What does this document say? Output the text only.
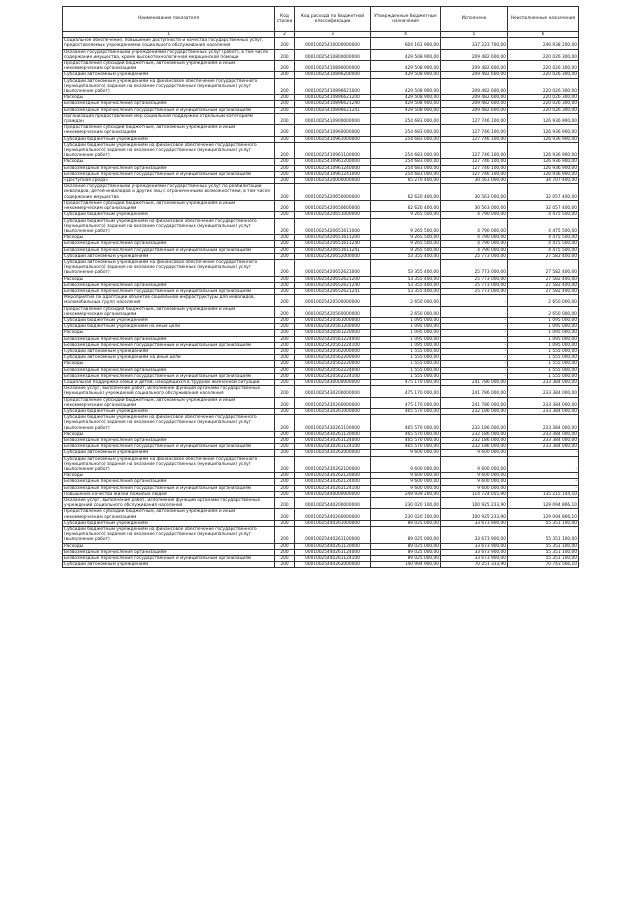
Наименование показателя	Код строки	Код расхода по бюджетной классификации	Утвержденные бюджетные назначения	Исполнено	Неисполненные назначения
1	2	3	4	5	6
Социальное обеспечение, повышение доступности и качества государственных услуг, предоставляемых учреждениями социального обслуживания населения	200	00010025410000000000	604 161 900,00	337 223 700,00	246 938 200,00
Оказание государственными учреждениями государственных услуг (работ), в том числе содержание имущества, кроме высокотехнологичной медицинской помощи	200	00010025410800000000	429 508 900,00	209 482 600,00	220 026 300,00
Предоставление субсидий бюджетным, автономным учреждениям и иным некоммерческим организациям	200	00010025410890000000	429 508 900,00	209 482 600,00	220 026 300,00
Субсидии автономным учреждениям	200	00010025410896200000	429 508 900,00	209 482 600,00	220 026 300,00
Субсидии автономным учреждениям на финансовое обеспечение государственного (муниципального) задания на оказание государственных (муниципальных) услуг (выполнение работ)	200	00010025410896621000	429 508 900,00	209 482 600,00	220 026 300,00
Расходы	200	00010025410896621200	429 508 900,00	209 482 600,00	220 026 300,00
Безвозмездные перечисления организациям	200	00010025410896621240	429 508 900,00	209 482 600,00	220 026 300,00
Безвозмездные перечисления государственным и муниципальным организациям	200	00010025410896621241	429 508 900,00	209 482 600,00	220 026 300,00
Организация предоставления мер социальной поддержки отдельным категориям граждан	200	00010025410900000000	254 683 000,00	127 746 100,00	126 936 900,00
Предоставление субсидий бюджетным, автономным учреждениям и иным некоммерческим организациям	200	00010025410960000000	254 683 000,00	127 746 100,00	126 936 900,00
Субсидии бюджетным учреждениям	200	00010025410961000000	254 683 000,00	127 746 100,00	126 936 900,00
Субсидии бюджетным учреждениям на финансовое обеспечение государственного (муниципального) задания на оказание государственных (муниципальных) услуг (выполнение работ)	200	00010025410961100000	254 683 000,00	127 746 100,00	126 936 900,00
Расходы	200	00010025410961200000	254 683 000,00	127 746 100,00	126 936 900,00
Безвозмездные перечисления организациям	200	00010025410961240000	254 683 000,00	127 746 100,00	126 936 900,00
Безвозмездные перечисления государственным и муниципальным организациям	200	00010025410961241000	254 683 000,00	127 746 100,00	126 936 900,00
«Доступная среда»	200	00010025420000000000	65 270 400,00	30 563 000,00	34 707 400,00
Оказание государственными учреждениями государственных услуг по реабилитации инвалидов, детей-инвалидов и других лиц с ограниченными возможностями, в том числе содержание имущества	200	00010025420650000000	62 620 400,00	30 563 000,00	32 057 400,00
Предоставление субсидий бюджетным, автономным учреждениям и иным некоммерческим организациям	200	00010025420650600000	62 620 400,00	30 563 000,00	32 057 400,00
Субсидии бюджетным учреждениям	200	00010025420651000000	9 265 500,00	4 790 000,00	4 475 500,00
Субсидии бюджетным учреждениям на финансовое обеспечение государственного (муниципального) задания на оказание государственных (муниципальных) услуг (выполнение работ)	200	00010025420651611000	9 265 500,00	4 790 000,00	4 475 500,00
Расходы	200	00010025420651611200	9 265 500,00	4 790 000,00	4 475 500,00
Безвозмездные перечисления организациям	200	00010025420651611240	9 265 500,00	4 790 000,00	4 475 500,00
Безвозмездные перечисления государственным и муниципальным организациям	200	00010025420651611241	9 265 500,00	4 790 000,00	4 475 500,00
Субсидии автономным учреждениям	200	00010025420652000000	53 355 400,00	25 773 000,00	27 582 400,00
Субсидии автономным учреждениям на финансовое обеспечение государственного (муниципального) задания на оказание государственных (муниципальных) услуг (выполнение работ)	200	00010025420652621000	53 355 400,00	25 773 000,00	27 582 400,00
Расходы	200	00010025420652621200	53 355 400,00	25 773 000,00	27 582 400,00
Безвозмездные перечисления организациям	200	00010025420652621240	53 355 400,00	25 773 000,00	27 582 400,00
Безвозмездные перечисления государственным и муниципальным организациям	200	00010025420652621241	53 355 400,00	25 773 000,00	27 582 400,00
Мероприятия по адаптации объектов социальной инфраструктуры для инвалидов, маломобильных групп населения	200	00010025420500000000	2 650 000,00	-	2 650 000,00
Предоставление субсидий бюджетным, автономным учреждениям и иным некоммерческим организациям	200	00010025420560000000	2 650 000,00	-	2 650 000,00
Субсидии бюджетным учреждениям	200	00010025420561000000	1 095 000,00	-	1 095 000,00
Субсидии бюджетным учреждениям на иные цели	200	00010025420561200000	1 095 000,00	-	1 095 000,00
Расходы	200	00010025420561220000	1 095 000,00	-	1 095 000,00
Безвозмездные перечисления организациям	200	00010025420561224000	1 095 000,00	-	1 095 000,00
Безвозмездные перечисления государственным и муниципальным организациям	200	00010025420561224100	1 095 000,00	-	1 095 000,00
Субсидии автономным учреждениям	200	00010025420562000000	1 555 000,00	-	1 555 000,00
Субсидии автономным учреждениям на иные цели	200	00010025420562200000	1 555 000,00	-	1 555 000,00
Расходы	200	00010025420562220000	1 555 000,00	-	1 555 000,00
Безвозмездные перечисления организациям	200	00010025420562224000	1 555 000,00	-	1 555 000,00
Безвозмездные перечисления государственным и муниципальным организациям	200	00010025420562224100	1 555 000,00	-	1 555 000,00
Социальная поддержка семьи и детей, находящихся в трудной жизненной ситуации	200	00010025430000000000	475 170 000,00	241 786 000,00	233 384 000,00
Оказание услуг, выполнение работ, исполнение функций органами государственных (муниципальных) учреждений социального обслуживания населения	200	00010025430200000000	475 170 000,00	241 786 000,00	233 384 000,00
Предоставление субсидий бюджетным, автономным учреждениям и иным некоммерческим организациям	200	00010025430260000000	475 170 000,00	241 786 000,00	233 384 000,00
Субсидии бюджетным учреждениям	200	00010025430261000000	465 570 000,00	232 186 000,00	233 384 000,00
Субсидии бюджетным учреждениям на финансовое обеспечение государственного (муниципального) задания на оказание государственных (муниципальных) услуг (выполнение работ)	200	00010025430261100000	465 570 000,00	232 186 000,00	233 384 000,00
Расходы	200	00010025430261120000	465 570 000,00	232 186 000,00	233 384 000,00
Безвозмездные перечисления организациям	200	00010025430261124000	465 570 000,00	232 186 000,00	233 384 000,00
Безвозмездные перечисления государственным и муниципальным организациям	200	00010025430261124100	465 570 000,00	232 186 000,00	233 384 000,00
Субсидии автономным учреждениям	200	00010025430262000000	9 600 000,00	9 600 000,00	-
Субсидии автономным учреждениям на финансовое обеспечение государственного (муниципального) задания на оказание государственных (муниципальных) услуг (выполнение работ)	200	00010025430262100000	9 600 000,00	9 600 000,00	-
Расходы	200	00010025430262120000	9 600 000,00	9 600 000,00	-
Безвозмездные перечисления организациям	200	00010025430262124000	9 600 000,00	9 600 000,00	-
Безвозмездные перечисления государственным и муниципальным организациям	200	00010025430262124100	9 600 000,00	9 600 000,00	-
Повышение качества жизни пожилых людей	200	00010025440000000000	249 939 200,00	114 724 055,90	135 215 144,10
Оказание услуг, выполнение работ, исполнение функций органами государственных учреждений социального обслуживания населения	200	00010025440200000000	230 020 100,00	100 925 233,90	129 094 866,10
Предоставление субсидий бюджетным, автономным учреждениям и иным некоммерческим организациям	200	00010025440260000000	230 020 100,00	100 925 233,90	129 094 866,10
Субсидии бюджетным учреждениям	200	00010025440261000000	89 025 000,00	33 673 900,00	55 351 100,00
Субсидии бюджетным учреждениям на финансовое обеспечение государственного (муниципального) задания на оказание государственных (муниципальных) услуг (выполнение работ)	200	00010025440261100000	89 025 000,00	33 673 900,00	55 351 100,00
Расходы	200	00010025440261120000	89 025 000,00	33 673 900,00	55 351 100,00
Безвозмездные перечисления организациям	200	00010025440261124000	89 025 000,00	33 673 900,00	55 351 100,00
Безвозмездные перечисления государственным и муниципальным организациям	200	00010025440261124100	89 025 000,00	33 673 900,00	55 351 100,00
Субсидии автономным учреждениям	200	00010025440262000000	140 994 900,00	70 251 333,90	70 743 566,10
